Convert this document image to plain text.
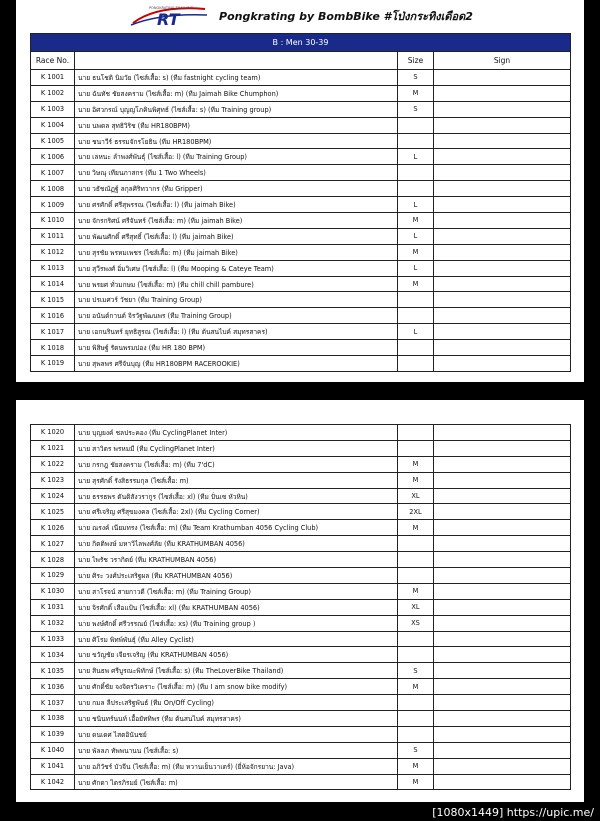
RT
PONGKRATING THAILAND
Pongkrating by BombBike #โป่งกระทิงเดือด2
B : Men 30-39			
Race No.		Size	Sign
K 1001	นาย ธนโชติ นิมวัย (ไซส์เสื้อ: s) (ทีม fastnight cycling team)	S	
K 1002	นาย ฉันทัช ชัยสงคราม (ไซส์เสื้อ: m) (ทีม Jaimah Bike Chumphon)	M	
K 1003	นาย อิศวกรณ์ บุญญโภคินพิศุทธ์ (ไซส์เสื้อ: s) (ทีม Training group)	S	
K 1004	นาย นพดล สุทธิวิริช (ทีม HR180BPM)		
K 1005	นาย ชนาวีร์ ธรรมจักรโยธิน (ทีม HR180BPM)		
K 1006	นาย เลหนะ ลำพงศ์พันธุ์ (ไซส์เสื้อ: l) (ทีม Training Group)	L	
K 1007	นาย วิษณุ เทียนภาสกร (ทีม 1 Two Wheels)		
K 1008	นาย วธัชณัฏฐ์ ลกุลศิริทวากร (ทีม Gripper)		
K 1009	นาย ศรศักดิ์ ศรีสุพรรณ (ไซส์เสื้อ: l) (ทีม jaimah Bike)	L	
K 1010	นาย จักรกริศน์ ศรีจันทร์ (ไซส์เสื้อ: m) (ทีม jaimah Bike)	M	
K 1011	นาย พัฒนศักดิ์ ศรีสุทธิ์ (ไซส์เสื้อ: l) (ทีม jaimah Bike)	L	
K 1012	นาย สุรชัย พรหมเพชร (ไซส์เสื้อ: m) (ทีม jaimah Bike)	M	
K 1013	นาย สุวีรพงศ์ อิ่มวิเศษ (ไซส์เสื้อ: l) (ทีม Mooping & Cateye Team)	L	
K 1014	นาย พรยศ ทั่วมกษม (ไซส์เสื้อ: m) (ทีม chill chill pambure)	M	
K 1015	นาย ปรเมศวร์ วัชยา (ทีม Training Group)		
K 1016	นาย อนันต์กานต์ จิรวัฐพัฒนพร (ทีม Training Group)		
K 1017	นาย เอกนรินทร์ ยุทธิสูรณ (ไซส์เสื้อ: l) (ทีม ต้นสนไบค์ สมุทรสาคร)	L	
K 1018	นาย พิสิษฐ์ รัตนพรมปอง (ทีม HR 180 BPM)		
K 1019	นาย สุพลพร ศรีจันบุญ (ทีม HR180BPM RACEROOKIE)		
K 1020	นาย บุญยงค์ ชลประคอง (ทีม CyclingPlanet Inter)		
K 1021	นาย สาวิตร พรหมมี (ทีม CyclingPlanet Inter)		
K 1022	นาย กรกฎ ชัยสงคราม (ไซส์เสื้อ: m) (ทีม 7'dC)	M	
K 1023	นาย สุรศักดิ์ รังสิธรรมกุล (ไซส์เสื้อ: m)	M	
K 1024	นาย ธรรธพร ตันติสังวรากูร (ไซส์เสื้อ: xl) (ทีม ปั่นเซ หัวหิน)	XL	
K 1025	นาย ศรีเจริญ ศรีสุขมงคล (ไซส์เสื้อ: 2xl) (ทีม Cycling Corner)	2XL	
K 1026	นาย ณรงค์ เนียมทรง (ไซส์เสื้อ: m) (ทีม Team Krathumban 4056 Cycling Club)	M	
K 1027	นาย กิตติพงษ์ มหาวิไลพงศ์ลัย (ทีม KRATHUMBAN 4056)		
K 1028	นาย ไพรัช วรากิตย์ (ทีม KRATHUMBAN 4056)		
K 1029	นาย ศิระ วงศ์ประเสริฐผล (ทีม KRATHUMBAN 4056)		
K 1030	นาย สาโรจน์ สายกาวดี (ไซส์เสื้อ: m) (ทีม Training Group)	M	
K 1031	นาย จิรศักดิ์ เสือแป้น (ไซส์เสื้อ: xl) (ทีม KRATHUMBAN 4056)	XL	
K 1032	นาย พงษ์ศักดิ์ ศรีวรรณย์ (ไซส์เสื้อ: xs) (ทีม Training group )	XS	
K 1033	นาย ศิโรม พิทพ์พันธุ์ (ทีม Alley Cyclist)		
K 1034	นาย ขวัญชัย เจียรเจริญ (ทีม KRATHUMBAN 4056)		
K 1035	นาย สินธพ ศรีบูรณะพิทักษ์ (ไซส์เสื้อ: s) (ทีม TheLoverBike Thailand)	S	
K 1036	นาย ศักดิ์ชัย จงจิตรวิเคราะ (ไซส์เสื้อ: m) (ทีม I am snow bike modify)	M	
K 1037	นาย กมล ลีประเสริฐพันธ์ (ทีม On/Off Cycling)		
K 1038	นาย ชนินทร์นนท์ เอื้อยัททิพร (ทีม ต้นสนไบค์ สมุทรสาคร)		
K 1039	นาย ดนเดศ ไสตอินันชย์		
K 1040	นาย พัลลภ ทัพพนานน (ไซส์เสื้อ: s)	S	
K 1041	นาย อภิวัชร์ บัวจีน (ไซส์เสื้อ: m) (ทีม หวานเย็นวาเตร์) (ยี่ห้อจักรยาน: Java)	M	
K 1042	นาย ศักดา ไตรภิรมย์ (ไซส์เสื้อ: m)	M	
[1080x1449] https://upic.me/
